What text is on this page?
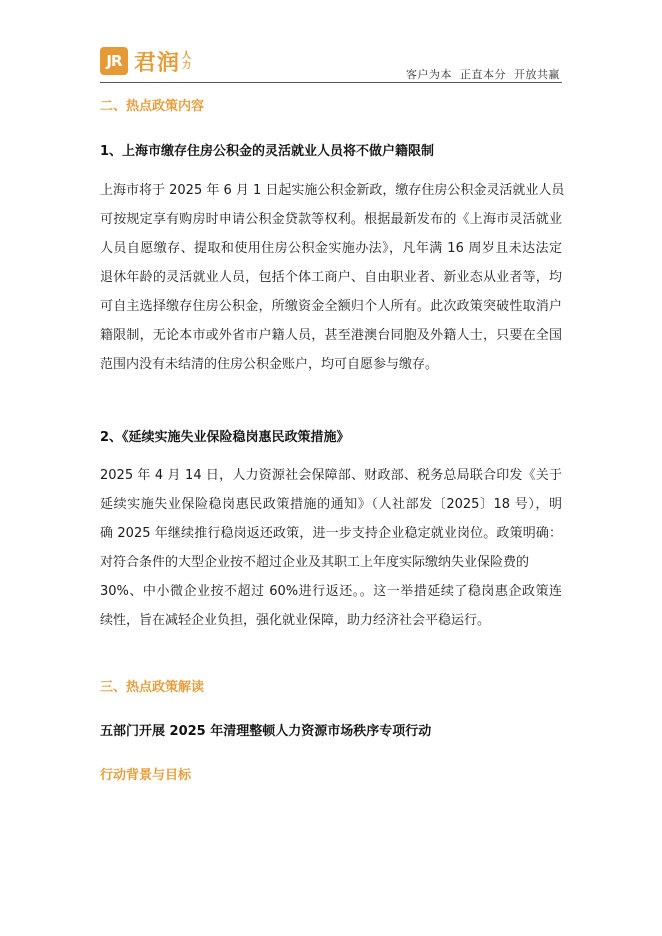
JR 君润 人
力
客户为本  正直本分  开放共赢
二、热点政策内容
1、上海市缴存住房公积金的灵活就业人员将不做户籍限制
上海市将于 2025 年 6 月 1 日起实施公积金新政，缴存住房公积金灵活就业人员
可按规定享有购房时申请公积金贷款等权利。根据最新发布的《上海市灵活就业
人员自愿缴存、提取和使用住房公积金实施办法》，凡年满 16 周岁且未达法定
退休年龄的灵活就业人员，包括个体工商户、自由职业者、新业态从业者等，均
可自主选择缴存住房公积金，所缴资金全额归个人所有。此次政策突破性取消户
籍限制，无论本市或外省市户籍人员，甚至港澳台同胞及外籍人士，只要在全国
范围内没有未结清的住房公积金账户，均可自愿参与缴存。
2、《延续实施失业保险稳岗惠民政策措施》
2025 年 4 月 14 日，人力资源社会保障部、财政部、税务总局联合印发《关于
延续实施失业保险稳岗惠民政策措施的通知》（人社部发〔2025〕18 号），明
确 2025 年继续推行稳岗返还政策，进一步支持企业稳定就业岗位。政策明确：
对符合条件的大型企业按不超过企业及其职工上年度实际缴纳失业保险费的
30%、中小微企业按不超过 60%进行返还。。这一举措延续了稳岗惠企政策连
续性，旨在减轻企业负担，强化就业保障，助力经济社会平稳运行。
三、热点政策解读
五部门开展 2025 年清理整顿人力资源市场秩序专项行动
行动背景与目标
